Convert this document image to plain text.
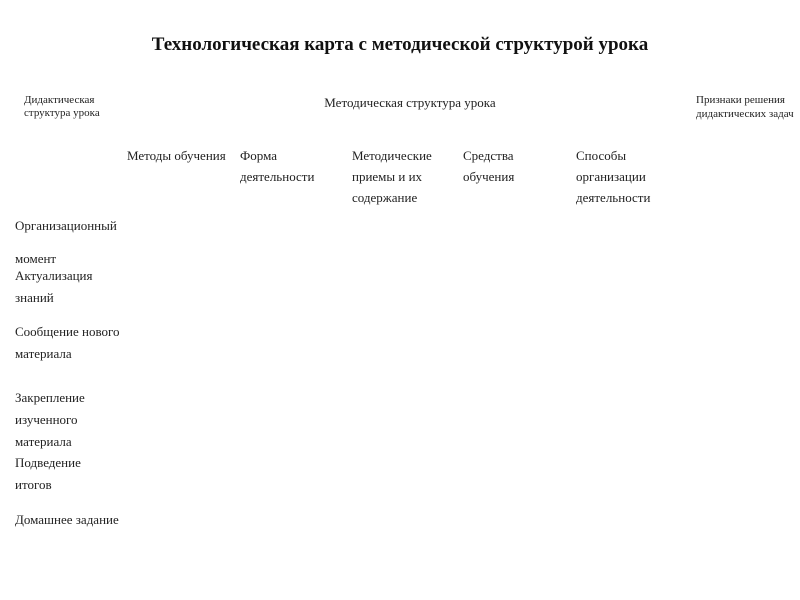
Технологическая карта с методической структурой урока
Дидактическая структура урока
Методическая структура урока	Признаки решения дидактических задач
Методы обучения Форма деятельности
Методические приемы и их содержание
Средства обучения
Способы организации деятельности
Организационный момент
Актуализация знаний
Сообщение нового материала
Закрепление изученного материала
Подведение итогов
Домашнее задание
